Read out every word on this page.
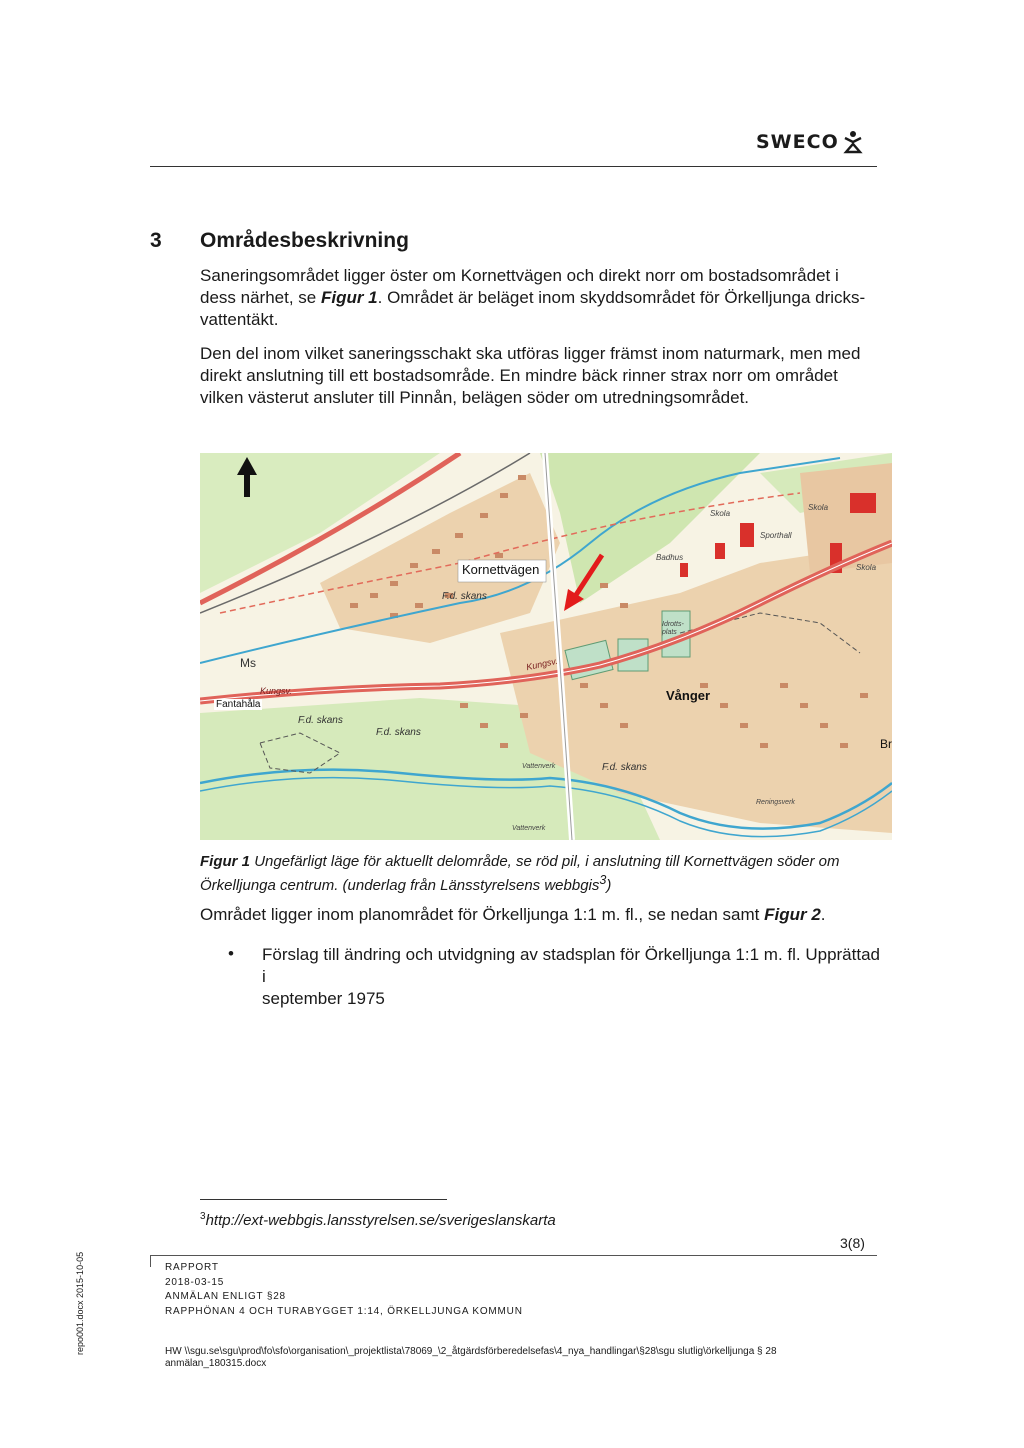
SWECO
3 Områdesbeskrivning
Saneringsområdet ligger öster om Kornettvägen och direkt norr om bostadsområdet i
dess närhet, se Figur 1. Området är beläget inom skyddsområdet för Örkelljunga dricks-
vattentäkt.
Den del inom vilket saneringsschakt ska utföras ligger främst inom naturmark, men med
direkt anslutning till ett bostadsområde. En mindre bäck rinner strax norr om området
vilken västerut ansluter till Pinnån, belägen söder om utredningsområdet.
Kornettvägen
F.d. skans
F.d. skans
F.d. skans
F.d. skans
Fantahåla
Vånger
Skola
Skola
Skola
Sporthall
Badhus
Idrotts- plats
Vattenverk
Vattenverk
Reningsverk
Kungsv.
Kungsv.
Ms
Br
Figur 1 Ungefärligt läge för aktuellt delområde, se röd pil, i anslutning till Kornettvägen söder om
Örkelljunga centrum. (underlag från Länsstyrelsens webbgis$^3$)
Området ligger inom planområdet för Örkelljunga 1:1 m. fl., se nedan samt Figur 2.
• Förslag till ändring och utvidgning av stadsplan för Örkelljunga 1:1 m. fl. Upprättad i
september 1975
$^3$http://ext-webbgis.lansstyrelsen.se/sverigeslanskarta
3(8)
RAPPORT
2018-03-15
ANMÄLAN ENLIGT §28
RAPPHÖNAN 4 OCH TURABYGGET 1:14, ÖRKELLJUNGA KOMMUN
HW \\sgu.se\sgu\prod\fo\sfo\organisation\_projektlista\78069_\2_åtgärdsförberedelsefas\4_nya_handlingar\§28\sgu slutlig\örkelljunga § 28
anmälan_180315.docx
repo001.docx 2015-10-05
